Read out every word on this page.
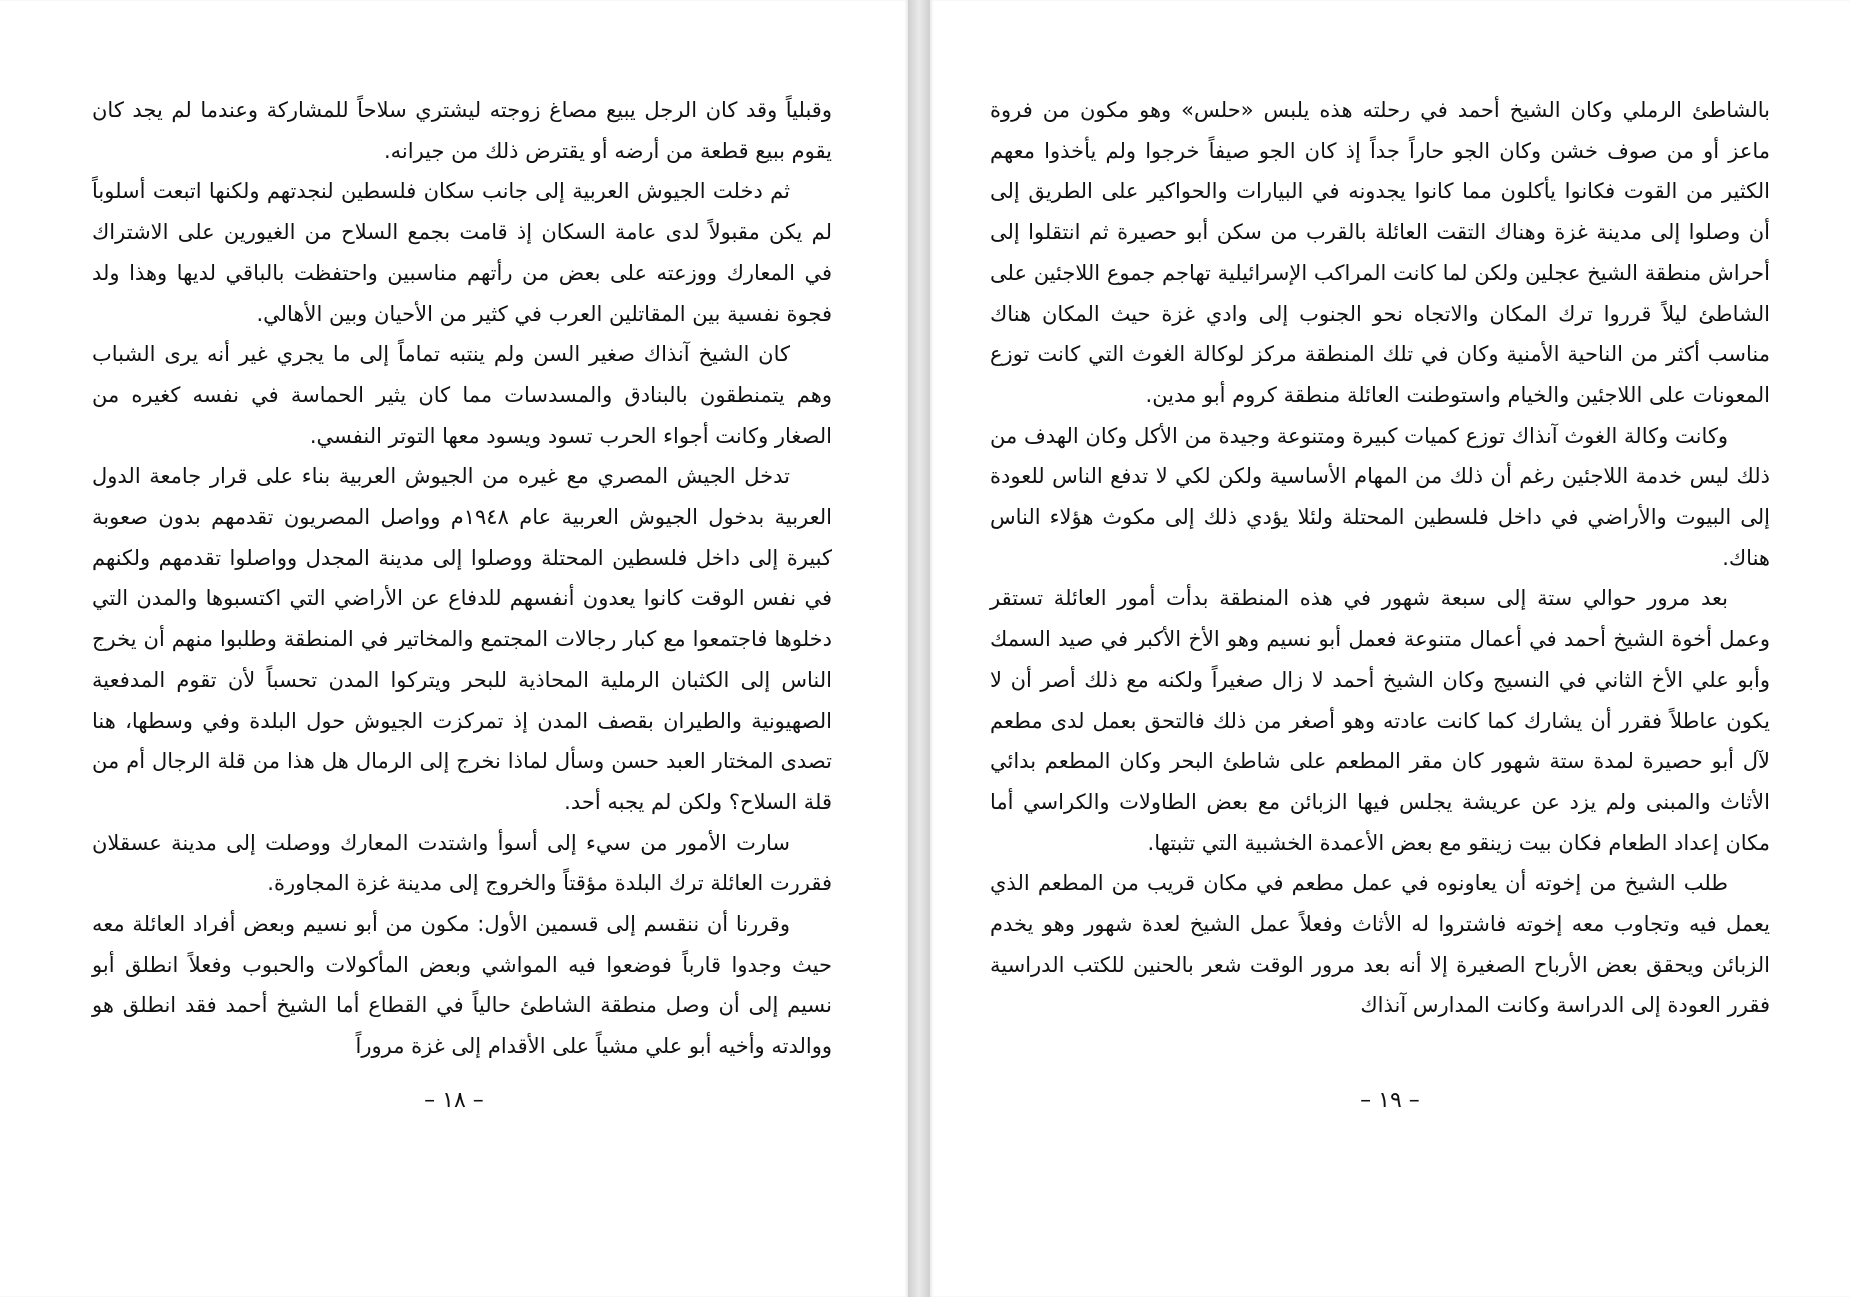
وقبلياً وقد كان الرجل يبيع مصاغ زوجته ليشتري سلاحاً للمشاركة وعندما لم يجد كان يقوم ببيع قطعة من أرضه أو يقترض ذلك من جيرانه.

ثم دخلت الجيوش العربية إلى جانب سكان فلسطين لنجدتهم ولكنها اتبعت أسلوباً لم يكن مقبولاً لدى عامة السكان إذ قامت بجمع السلاح من الغيورين على الاشتراك في المعارك ووزعته على بعض من رأتهم مناسبين واحتفظت بالباقي لديها وهذا ولد فجوة نفسية بين المقاتلين العرب في كثير من الأحيان وبين الأهالي.

كان الشيخ آنذاك صغير السن ولم ينتبه تماماً إلى ما يجري غير أنه يرى الشباب وهم يتمنطقون بالبنادق والمسدسات مما كان يثير الحماسة في نفسه كغيره من الصغار وكانت أجواء الحرب تسود ويسود معها التوتر النفسي.

تدخل الجيش المصري مع غيره من الجيوش العربية بناء على قرار جامعة الدول العربية بدخول الجيوش العربية عام ١٩٤٨م وواصل المصريون تقدمهم بدون صعوبة كبيرة إلى داخل فلسطين المحتلة ووصلوا إلى مدينة المجدل وواصلوا تقدمهم ولكنهم في نفس الوقت كانوا يعدون أنفسهم للدفاع عن الأراضي التي اكتسبوها والمدن التي دخلوها فاجتمعوا مع كبار رجالات المجتمع والمخاتير في المنطقة وطلبوا منهم أن يخرج الناس إلى الكثبان الرملية المحاذية للبحر ويتركوا المدن تحسباً لأن تقوم المدفعية الصهيونية والطيران بقصف المدن إذ تمركزت الجيوش حول البلدة وفي وسطها، هنا تصدى المختار العبد حسن وسأل لماذا نخرج إلى الرمال هل هذا من قلة الرجال أم من قلة السلاح؟ ولكن لم يجبه أحد.

سارت الأمور من سيء إلى أسوأ واشتدت المعارك ووصلت إلى مدينة عسقلان فقررت العائلة ترك البلدة مؤقتاً والخروج إلى مدينة غزة المجاورة.

وقررنا أن ننقسم إلى قسمين الأول: مكون من أبو نسيم وبعض أفراد العائلة معه حيث وجدوا قارباً فوضعوا فيه المواشي وبعض المأكولات والحبوب وفعلاً انطلق أبو نسيم إلى أن وصل منطقة الشاطئ حالياً في القطاع أما الشيخ أحمد فقد انطلق هو ووالدته وأخيه أبو علي مشياً على الأقدام إلى غزة مروراً

– ١٨ –

بالشاطئ الرملي وكان الشيخ أحمد في رحلته هذه يلبس «حلس» وهو مكون من فروة ماعز أو من صوف خشن وكان الجو حاراً جداً إذ كان الجو صيفاً خرجوا ولم يأخذوا معهم الكثير من القوت فكانوا يأكلون مما كانوا يجدونه في البيارات والحواكير على الطريق إلى أن وصلوا إلى مدينة غزة وهناك التقت العائلة بالقرب من سكن أبو حصيرة ثم انتقلوا إلى أحراش منطقة الشيخ عجلين ولكن لما كانت المراكب الإسرائيلية تهاجم جموع اللاجئين على الشاطئ ليلاً قرروا ترك المكان والاتجاه نحو الجنوب إلى وادي غزة حيث المكان هناك مناسب أكثر من الناحية الأمنية وكان في تلك المنطقة مركز لوكالة الغوث التي كانت توزع المعونات على اللاجئين والخيام واستوطنت العائلة منطقة كروم أبو مدين.

وكانت وكالة الغوث آنذاك توزع كميات كبيرة ومتنوعة وجيدة من الأكل وكان الهدف من ذلك ليس خدمة اللاجئين رغم أن ذلك من المهام الأساسية ولكن لكي لا تدفع الناس للعودة إلى البيوت والأراضي في داخل فلسطين المحتلة ولئلا يؤدي ذلك إلى مكوث هؤلاء الناس هناك.

بعد مرور حوالي ستة إلى سبعة شهور في هذه المنطقة بدأت أمور العائلة تستقر وعمل أخوة الشيخ أحمد في أعمال متنوعة فعمل أبو نسيم وهو الأخ الأكبر في صيد السمك وأبو علي الأخ الثاني في النسيج وكان الشيخ أحمد لا زال صغيراً ولكنه مع ذلك أصر أن لا يكون عاطلاً فقرر أن يشارك كما كانت عادته وهو أصغر من ذلك فالتحق بعمل لدى مطعم لآل أبو حصيرة لمدة ستة شهور كان مقر المطعم على شاطئ البحر وكان المطعم بدائي الأثاث والمبنى ولم يزد عن عريشة يجلس فيها الزبائن مع بعض الطاولات والكراسي أما مكان إعداد الطعام فكان بيت زينقو مع بعض الأعمدة الخشبية التي تثبتها.

طلب الشيخ من إخوته أن يعاونوه في عمل مطعم في مكان قريب من المطعم الذي يعمل فيه وتجاوب معه إخوته فاشتروا له الأثاث وفعلاً عمل الشيخ لعدة شهور وهو يخدم الزبائن ويحقق بعض الأرباح الصغيرة إلا أنه بعد مرور الوقت شعر بالحنين للكتب الدراسية فقرر العودة إلى الدراسة وكانت المدارس آنذاك

– ١٩ –
